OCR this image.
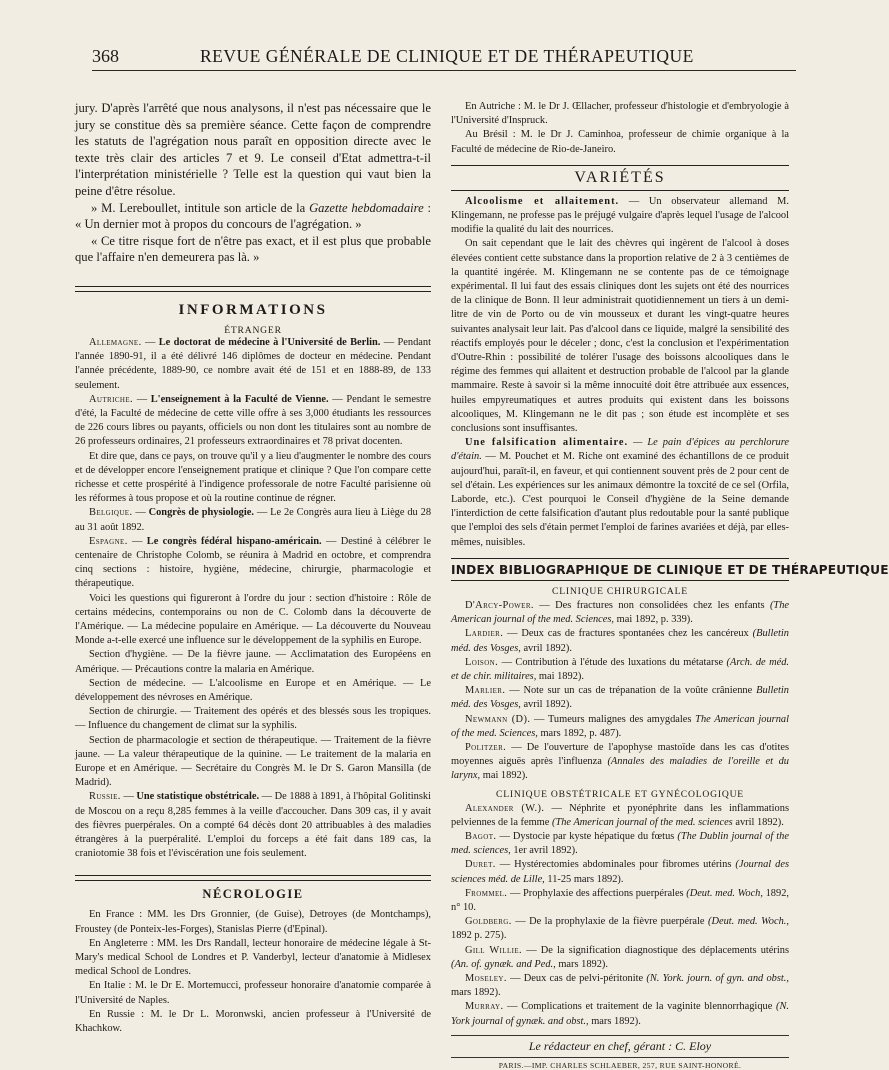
368	REVUE GÉNÉRALE DE CLINIQUE ET DE THÉRAPEUTIQUE

jury. D'après l'arrêté que nous analysons, il n'est pas nécessaire que le jury se constitue dès sa première séance. Cette façon de comprendre les statuts de l'agrégation nous paraît en opposition directe avec le texte très clair des articles 7 et 9. Le conseil d'Etat admettra-t-il l'interprétation ministérielle ? Telle est la question qui vaut bien la peine d'être résolue.

» M. Lereboullet, intitule son article de la Gazette hebdomadaire : « Un dernier mot à propos du concours de l'agrégation. »

« Ce titre risque fort de n'être pas exact, et il est plus que probable que l'affaire n'en demeurera pas là. »

INFORMATIONS

ÉTRANGER

Allemagne. — Le doctorat de médecine à l'Université de Berlin. — Pendant l'année 1890-91, il a été délivré 146 diplômes de docteur en médecine. Pendant l'année précédente, 1889-90, ce nombre avait été de 151 et en 1888-89, de 133 seulement.

Autriche. — L'enseignement à la Faculté de Vienne. — Pendant le semestre d'été, la Faculté de médecine de cette ville offre à ses 3,000 étudiants les ressources de 226 cours libres ou payants, officiels ou non dont les titulaires sont au nombre de 26 professeurs ordinaires, 21 professeurs extraordinaires et 78 privat docenten.

Et dire que, dans ce pays, on trouve qu'il y a lieu d'augmenter le nombre des cours et de développer encore l'enseignement pratique et clinique ? Que l'on compare cette richesse et cette prospérité à l'indigence professorale de notre Faculté parisienne où les réformes à tous propose et où la routine continue de régner.

Belgique. — Congrès de physiologie. — Le 2e Congrès aura lieu à Liège du 28 au 31 août 1892.

Espagne. — Le congrès fédéral hispano-américain. — Destiné à célébrer le centenaire de Christophe Colomb, se réunira à Madrid en octobre, et comprendra cinq sections : histoire, hygiène, médecine, chirurgie, pharmacologie et thérapeutique.

Voici les questions qui figureront à l'ordre du jour : section d'histoire : Rôle de certains médecins, contemporains ou non de C. Colomb dans la découverte de l'Amérique. — La médecine populaire en Amérique. — La découverte du Nouveau Monde a-t-elle exercé une influence sur le développement de la syphilis en Europe.

Section d'hygiène. — De la fièvre jaune. — Acclimatation des Européens en Amérique. — Précautions contre la malaria en Amérique.

Section de médecine. — L'alcoolisme en Europe et en Amérique. — Le développement des névroses en Amérique.

Section de chirurgie. — Traitement des opérés et des blessés sous les tropiques. — Influence du changement de climat sur la syphilis.

Section de pharmacologie et section de thérapeutique. — Traitement de la fièvre jaune. — La valeur thérapeutique de la quinine. — Le traitement de la malaria en Europe et en Amérique. — Secrétaire du Congrès M. le Dr S. Garon Mansilla (de Madrid).

Russie. — Une statistique obstétricale. — De 1888 à 1891, à l'hôpital Golitinski de Moscou on a reçu 8,285 femmes à la veille d'accoucher. Dans 309 cas, il y avait des fièvres puerpérales. On a compté 64 décès dont 20 attribuables à des maladies étrangères à la puerpéralité. L'emploi du forceps a été fait dans 189 cas, la craniotomie 38 fois et l'éviscération une fois seulement.

NÉCROLOGIE

En France : MM. les Drs Gronnier, (de Guise), Detroyes (de Montchamps), Froustey (de Ponteix-les-Forges), Stanislas Pierre (d'Epinal).

En Angleterre : MM. les Drs Randall, lecteur honoraire de médecine légale à St-Mary's medical School de Londres et P. Vanderbyl, lecteur d'anatomie à Midlesex medical School de Londres.

En Italie : M. le Dr E. Mortemucci, professeur honoraire d'anatomie comparée à l'Université de Naples.

En Russie : M. le Dr L. Moronwski, ancien professeur à l'Université de Khachkow.

En Autriche : M. le Dr J. Œllacher, professeur d'histologie et d'embryologie à l'Université d'Inspruck.

Au Brésil : M. le Dr J. Caminhoa, professeur de chimie organique à la Faculté de médecine de Rio-de-Janeiro.

VARIÉTÉS

Alcoolisme et allaitement. — Un observateur allemand M. Klingemann, ne professe pas le préjugé vulgaire d'après lequel l'usage de l'alcool modifie la qualité du lait des nourrices.

On sait cependant que le lait des chèvres qui ingèrent de l'alcool à doses élevées contient cette substance dans la proportion relative de 2 à 3 centièmes de la quantité ingérée. M. Klingemann ne se contente pas de ce témoignage expérimental. Il lui faut des essais cliniques dont les sujets ont été des nourrices de la clinique de Bonn. Il leur administrait quotidiennement un tiers à un demi-litre de vin de Porto ou de vin mousseux et durant les vingt-quatre heures suivantes analysait leur lait. Pas d'alcool dans ce liquide, malgré la sensibilité des réactifs employés pour le déceler ; donc, c'est la conclusion et l'expérimentation d'Outre-Rhin : possibilité de tolérer l'usage des boissons alcooliques dans le régime des femmes qui allaitent et destruction probable de l'alcool par la glande mammaire. Reste à savoir si la même innocuité doit être attribuée aux essences, huiles empyreumatiques et autres produits qui existent dans les boissons alcooliques, M. Klingemann ne le dit pas ; son étude est incomplète et ses conclusions sont insuffisantes.

Une falsification alimentaire. — Le pain d'épices au perchlorure d'étain. — M. Pouchet et M. Riche ont examiné des échantillons de ce produit aujourd'hui, paraît-il, en faveur, et qui contiennent souvent près de 2 pour cent de sel d'étain. Les expériences sur les animaux démontre la toxcité de ce sel (Orfila, Laborde, etc.). C'est pourquoi le Conseil d'hygiène de la Seine demande l'interdiction de cette falsification d'autant plus redoutable pour la santé publique que l'emploi des sels d'étain permet l'emploi de farines avariées et déjà, par elles-mêmes, nuisibles.

INDEX BIBLIOGRAPHIQUE DE CLINIQUE ET DE THÉRAPEUTIQUE

CLINIQUE CHIRURGICALE

D'Arcy-Power. — Des fractures non consolidées chez les enfants (The American journal of the med. Sciences, mai 1892, p. 339).

Lardier. — Deux cas de fractures spontanées chez les cancéreux (Bulletin méd. des Vosges, avril 1892).

Loison. — Contribution à l'étude des luxations du métatarse (Arch. de méd. et de chir. militaires, mai 1892).

Marlier. — Note sur un cas de trépanation de la voûte crânienne Bulletin méd. des Vosges, avril 1892).

Newmann (D). — Tumeurs malignes des amygdales The American journal of the med. Sciences, mars 1892, p. 487).

Politzer. — De l'ouverture de l'apophyse mastoïde dans les cas d'otites moyennes aiguës après l'influenza (Annales des maladies de l'oreille et du larynx, mai 1892).

CLINIQUE OBSTÉTRICALE ET GYNÉCOLOGIQUE

Alexander (W.). — Néphrite et pyonéphrite dans les inflammations pelviennes de la femme (The American journal of the med. sciences avril 1892).

Bagot. — Dystocie par kyste hépatique du fœtus (The Dublin journal of the med. sciences, 1er avril 1892).

Duret. — Hystérectomies abdominales pour fibromes utérins (Journal des sciences méd. de Lille, 11-25 mars 1892).

Frommel. — Prophylaxie des affections puerpérales (Deut. med. Woch, 1892, n° 10.

Goldberg. — De la prophylaxie de la fièvre puerpérale (Deut. med. Woch., 1892 p. 275).

Gill Willie. — De la signification diagnostique des déplacements utérins (An. of. gynæk. and Ped., mars 1892).

Moseley. — Deux cas de pelvi-péritonite (N. York. journ. of gyn. and obst., mars 1892).

Murray. — Complications et traitement de la vaginite blennorrhagique (N. York journal of gynæk. and obst., mars 1892).

Le rédacteur en chef, gérant : C. Eloy

PARIS.—IMP. CHARLES SCHLAEBER, 257, RUE SAINT-HONORÉ.
